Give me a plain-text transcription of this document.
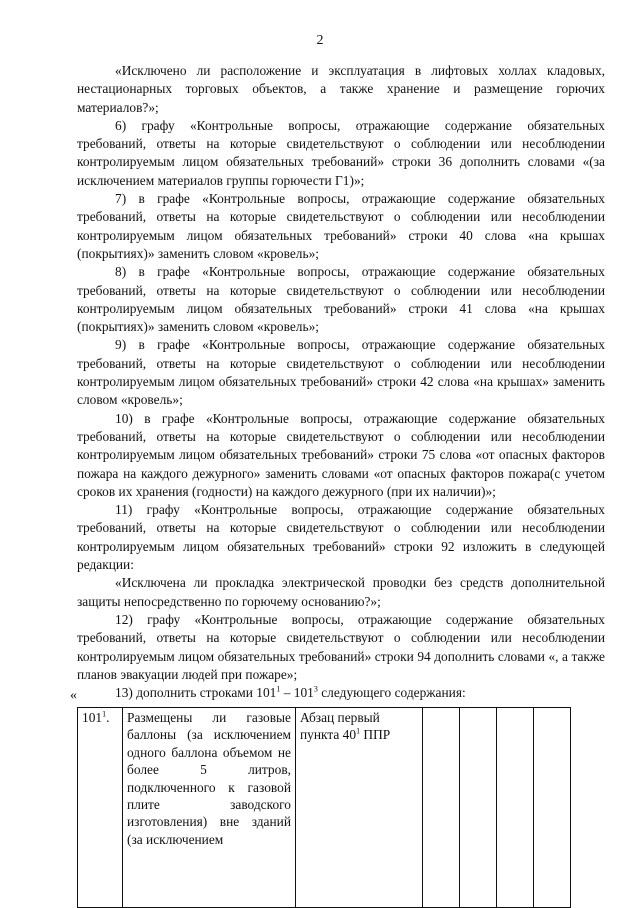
2

«Исключено ли расположение и эксплуатация в лифтовых холлах кладовых, нестационарных торговых объектов, а также хранение и размещение горючих материалов?»;

6) графу «Контрольные вопросы, отражающие содержание обязательных требований, ответы на которые свидетельствуют о соблюдении или несоблюдении контролируемым лицом обязательных требований» строки 36 дополнить словами «(за исключением материалов группы горючести Г1)»;

7) в графе «Контрольные вопросы, отражающие содержание обязательных требований, ответы на которые свидетельствуют о соблюдении или несоблюдении контролируемым лицом обязательных требований» строки 40 слова «на крышах (покрытиях)» заменить словом «кровель»;

8) в графе «Контрольные вопросы, отражающие содержание обязательных требований, ответы на которые свидетельствуют о соблюдении или несоблюдении контролируемым лицом обязательных требований» строки 41 слова «на крышах (покрытиях)» заменить словом «кровель»;

9) в графе «Контрольные вопросы, отражающие содержание обязательных требований, ответы на которые свидетельствуют о соблюдении или несоблюдении контролируемым лицом обязательных требований» строки 42 слова «на крышах» заменить словом «кровель»;

10) в графе «Контрольные вопросы, отражающие содержание обязательных требований, ответы на которые свидетельствуют о соблюдении или несоблюдении контролируемым лицом обязательных требований» строки 75 слова «от опасных факторов пожара на каждого дежурного» заменить словами «от опасных факторов пожара(с учетом сроков их хранения (годности) на каждого дежурного (при их наличии)»;

11) графу «Контрольные вопросы, отражающие содержание обязательных требований, ответы на которые свидетельствуют о соблюдении или несоблюдении контролируемым лицом обязательных требований» строки 92 изложить в следующей редакции:

«Исключена ли прокладка электрической проводки без средств дополнительной защиты непосредственно по горючему основанию?»;

12) графу «Контрольные вопросы, отражающие содержание обязательных требований, ответы на которые свидетельствуют о соблюдении или несоблюдении контролируемым лицом обязательных требований» строки 94 дополнить словами «, а также планов эвакуации людей при пожаре»;

13) дополнить строками $101^1 - 101^3$ следующего содержания:

«
$101^1$.	Размещены ли газовые баллоны (за исключением одного баллона объемом не более 5 литров, подключенного к газовой плите заводского изготовления) вне зданий (за исключением	Абзац первый пункта $40^1$ ППР				
